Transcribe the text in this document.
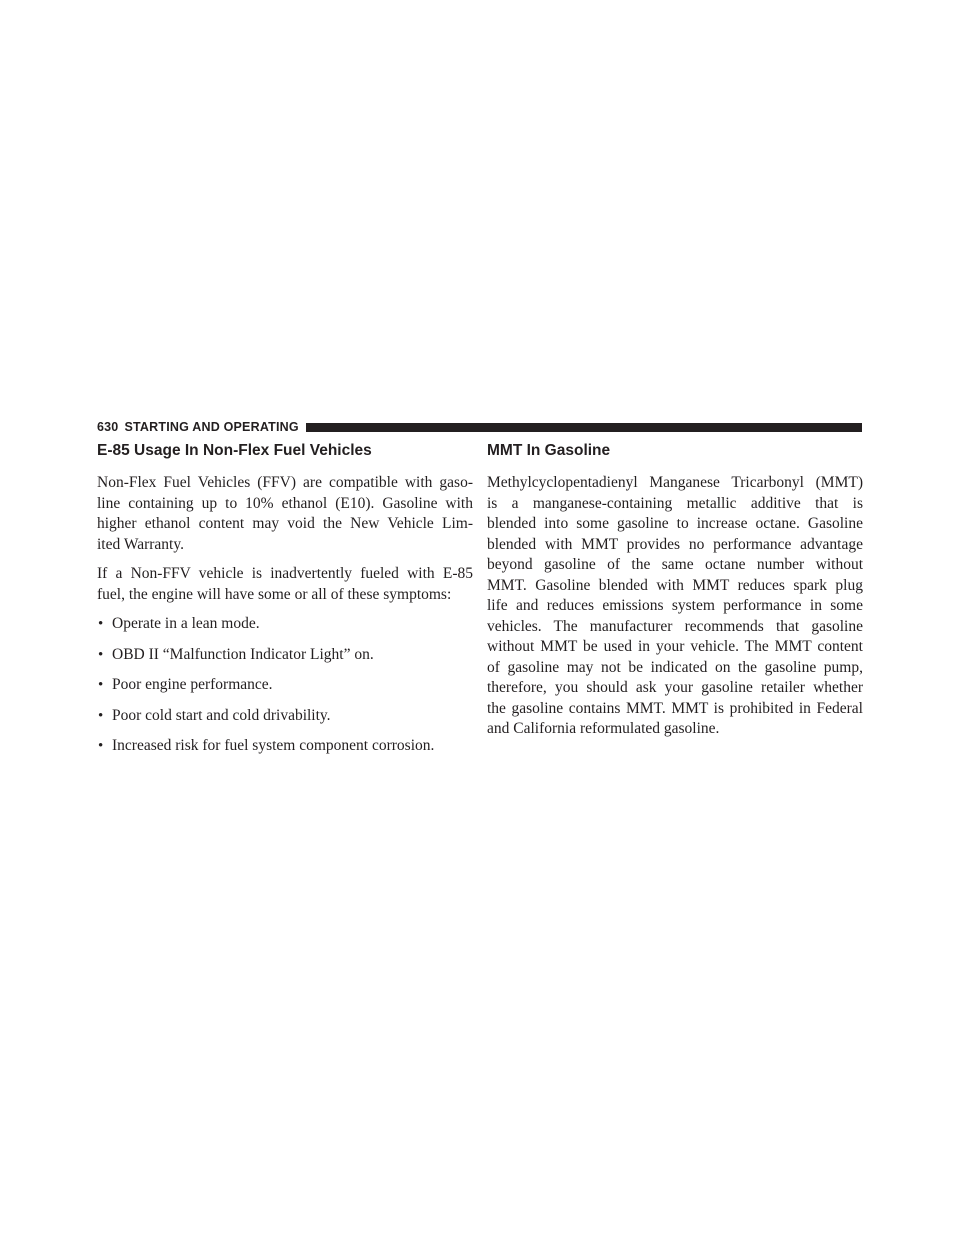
630 STARTING AND OPERATING
E-85 Usage In Non-Flex Fuel Vehicles

Non-Flex Fuel Vehicles (FFV) are compatible with gaso-
line containing up to 10% ethanol (E10). Gasoline with
higher ethanol content may void the New Vehicle Lim-
ited Warranty.

If a Non-FFV vehicle is inadvertently fueled with E-85
fuel, the engine will have some or all of these symptoms:

• Operate in a lean mode.
• OBD II “Malfunction Indicator Light” on.
• Poor engine performance.
• Poor cold start and cold drivability.
• Increased risk for fuel system component corrosion.
MMT In Gasoline

Methylcyclopentadienyl Manganese Tricarbonyl (MMT)
is a manganese-containing metallic additive that is
blended into some gasoline to increase octane. Gasoline
blended with MMT provides no performance advantage
beyond gasoline of the same octane number without
MMT. Gasoline blended with MMT reduces spark plug
life and reduces emissions system performance in some
vehicles. The manufacturer recommends that gasoline
without MMT be used in your vehicle. The MMT content
of gasoline may not be indicated on the gasoline pump,
therefore, you should ask your gasoline retailer whether
the gasoline contains MMT. MMT is prohibited in Federal
and California reformulated gasoline.
